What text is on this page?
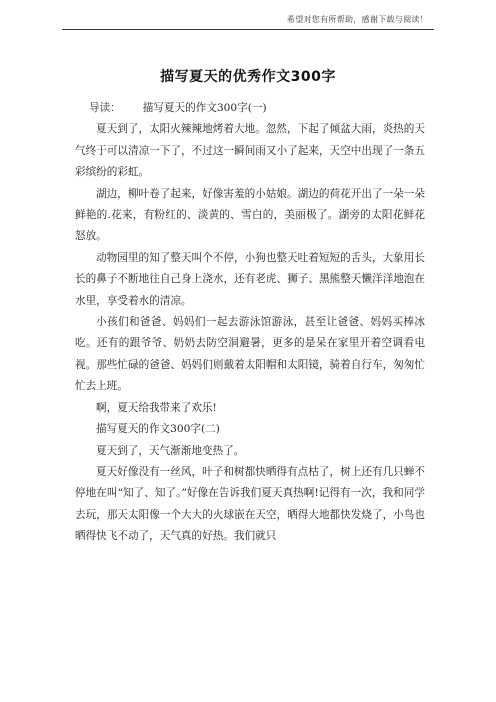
希望对您有所帮助，感谢下载与阅读！
描写夏天的优秀作文300字

导读： 描写夏天的作文300字(一)

夏天到了，太阳火辣辣地烤着大地。忽然，下起了倾盆大雨，炎热的天气终于可以清凉一下了，不过这一瞬间雨又小了起来，天空中出现了一条五彩缤纷的彩虹。

湖边，柳叶卷了起来，好像害羞的小姑娘。湖边的荷花开出了一朵一朵鲜艳的.花来，有粉红的、淡黄的、雪白的，美丽极了。湖旁的太阳花鲜花怒放。

动物园里的知了整天叫个不停，小狗也整天吐着短短的舌头，大象用长长的鼻子不断地往自己身上浇水，还有老虎、狮子、黑熊整天懒洋洋地泡在水里，享受着水的清凉。

小孩们和爸爸、妈妈们一起去游泳馆游泳，甚至让爸爸、妈妈买棒冰吃。还有的跟爷爷、奶奶去防空洞避暑，更多的是呆在家里开着空调看电视。那些忙碌的爸爸、妈妈们则戴着太阳帽和太阳镜，骑着自行车，匆匆忙忙去上班。

啊，夏天给我带来了欢乐!

描写夏天的作文300字(二)

夏天到了，天气渐渐地变热了。

夏天好像没有一丝风，叶子和树都快晒得有点枯了，树上还有几只蝉不停地在叫“知了、知了。”好像在告诉我们夏天真热啊!记得有一次，我和同学去玩，那天太阳像一个大大的火球嵌在天空，晒得大地都快发烧了，小鸟也晒得快飞不动了，天气真的好热。我们就只
